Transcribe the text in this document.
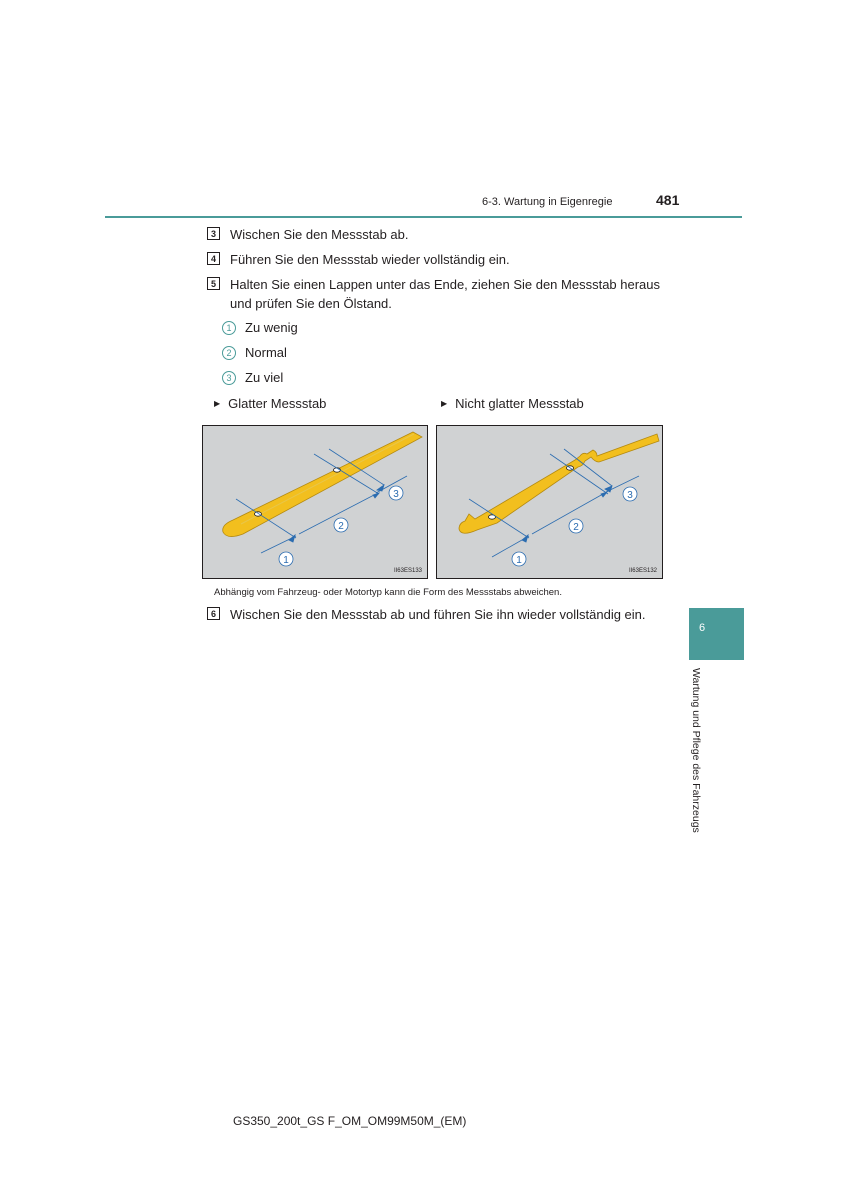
6-3. Wartung in Eigenregie	481
3	Wischen Sie den Messstab ab.
4	Führen Sie den Messstab wieder vollständig ein.
5	Halten Sie einen Lappen unter das Ende, ziehen Sie den Messstab heraus und prüfen Sie den Ölstand.
1 Zu wenig
2 Normal
3 Zu viel
▶ Glatter Messstab	▶ Nicht glatter Messstab
1
2
3
II63ES133
1
2
3
II63ES132
Abhängig vom Fahrzeug- oder Motortyp kann die Form des Messstabs abweichen.
6	Wischen Sie den Messstab ab und führen Sie ihn wieder vollständig ein.
6
Wartung und Pflege des Fahrzeugs
GS350_200t_GS F_OM_OM99M50M_(EM)
